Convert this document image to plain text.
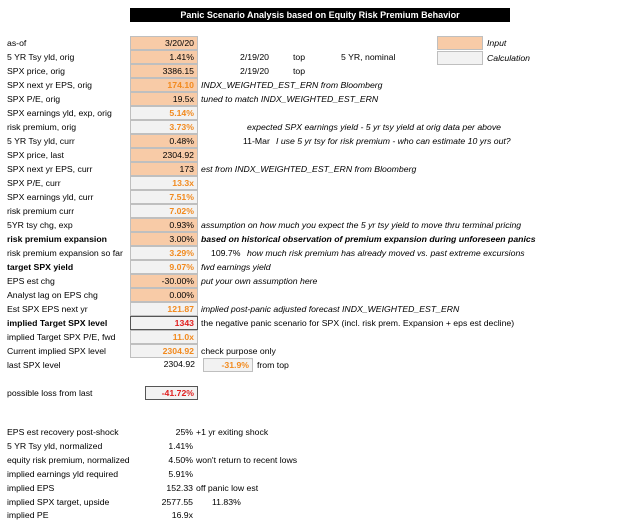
Panic Scenario Analysis based on Equity Risk Premium Behavior
Input
Calculation
as-of	3/20/20
5 YR Tsy yld, orig	1.41%	2/19/20	top	5 YR, nominal
SPX price, orig	3386.15	2/19/20	top
SPX next yr EPS, orig	174.10 INDX_WEIGHTED_EST_ERN from Bloomberg
SPX P/E, orig	19.5x tuned to match INDX_WEIGHTED_EST_ERN
SPX earnings yld, exp, orig	5.14%
risk premium, orig	3.73%	expected SPX earnings yield - 5 yr tsy yield at orig data per above
5 YR Tsy yld, curr	0.48%	11-Mar I use 5 yr tsy for risk premium - who can estimate 10 yrs out?
SPX price, last	2304.92
SPX next yr EPS, curr	173 est from INDX_WEIGHTED_EST_ERN from Bloomberg
SPX P/E, curr	13.3x
SPX earnings yld, curr	7.51%
risk premium curr	7.02%
5YR tsy chg, exp	0.93% assumption on how much you expect the 5 yr tsy yield to move thru terminal pricing
risk premium expansion	3.00% based on historical observation of premium expansion during unforeseen panics
risk premium expansion so far	3.29%	109.7% how much risk premium has already moved vs. past extreme excursions
target SPX yield	9.07% fwd earnings yield
EPS est chg	-30.00% put your own assumption here
Analyst lag on EPS chg	0.00%
Est SPX EPS next yr	121.87 implied post-panic adjusted forecast INDX_WEIGHTED_EST_ERN
implied Target SPX level	1343 the negative panic scenario for SPX (incl. risk prem. Expansion + eps est decline)
implied Target SPX P/E, fwd	11.0x
Current implied SPX level	2304.92 check purpose only
last SPX level	2304.92	-31.9% from top
possible loss from last	-41.72%
EPS est recovery post-shock	25% +1 yr exiting shock
5 YR Tsy yld, normalized	1.41%
equity risk premium, normalized	4.50% won't return to recent lows
implied earnings yld required	5.91%
implied EPS	152.33 off panic low est
implied SPX target, upside	2577.55 11.83%
implied PE	16.9x
